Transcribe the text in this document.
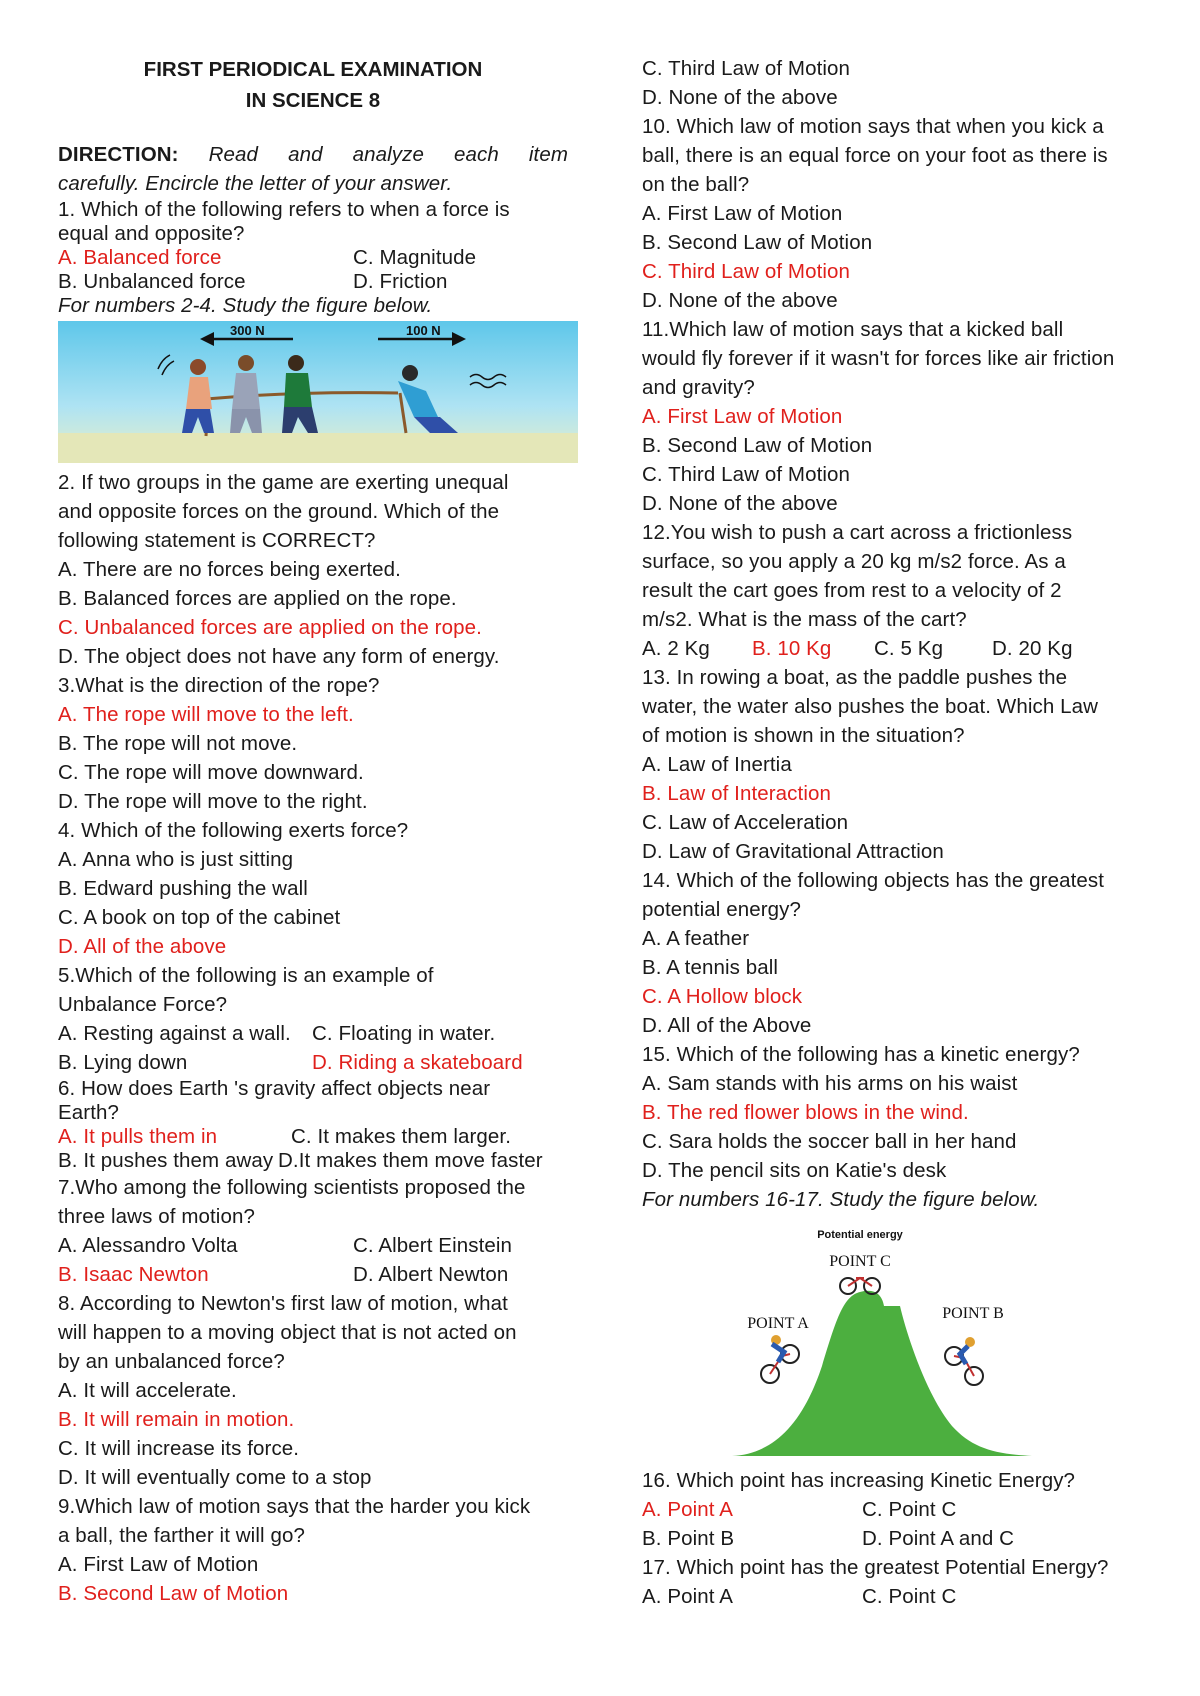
FIRST PERIODICAL EXAMINATION
IN SCIENCE 8
DIRECTION: Read and analyze each item
carefully. Encircle the letter of your answer.
1. Which of the following refers to when a force is
equal and opposite?
A. Balanced force	C. Magnitude
B. Unbalanced force	D. Friction
For numbers 2-4. Study the figure below.
300 N	100 N
2. If two groups in the game are exerting unequal
and opposite forces on the ground. Which of the
following statement is CORRECT?
A. There are no forces being exerted.
B. Balanced forces are applied on the rope.
C. Unbalanced forces are applied on the rope.
D. The object does not have any form of energy.
3.What is the direction of the rope?
A. The rope will move to the left.
B. The rope will not move.
C. The rope will move downward.
D. The rope will move to the right.
4. Which of the following exerts force?
A. Anna who is just sitting
B. Edward pushing the wall
C. A book on top of the cabinet
D. All of the above
5.Which of the following is an example of
Unbalance Force?
A. Resting against a wall.	C. Floating in water.
B. Lying down	D. Riding a skateboard
6. How does Earth 's gravity affect objects near
Earth?
A. It pulls them in	C. It makes them larger.
B. It pushes them away D.It makes them move faster
7.Who among the following scientists proposed the
three laws of motion?
A. Alessandro Volta	C. Albert Einstein
B. Isaac Newton	D. Albert Newton
8. According to Newton's first law of motion, what
will happen to a moving object that is not acted on
by an unbalanced force?
A. It will accelerate.
B. It will remain in motion.
C. It will increase its force.
D. It will eventually come to a stop
9.Which law of motion says that the harder you kick
a ball, the farther it will go?
A. First Law of Motion
B. Second Law of Motion
C. Third Law of Motion
D. None of the above
10. Which law of motion says that when you kick a
ball, there is an equal force on your foot as there is
on the ball?
A. First Law of Motion
B. Second Law of Motion
C. Third Law of Motion
D. None of the above
11.Which law of motion says that a kicked ball
would fly forever if it wasn't for forces like air friction
and gravity?
A. First Law of Motion
B. Second Law of Motion
C. Third Law of Motion
D. None of the above
12.You wish to push a cart across a frictionless
surface, so you apply a 20 kg m/s2 force. As a
result the cart goes from rest to a velocity of 2
m/s2. What is the mass of the cart?
A. 2 Kg B. 10 Kg C. 5 Kg D. 20 Kg
13. In rowing a boat, as the paddle pushes the
water, the water also pushes the boat. Which Law
of motion is shown in the situation?
A. Law of Inertia
B. Law of Interaction
C. Law of Acceleration
D. Law of Gravitational Attraction
14. Which of the following objects has the greatest
potential energy?
A. A feather
B. A tennis ball
C. A Hollow block
D. All of the Above
15. Which of the following has a kinetic energy?
A. Sam stands with his arms on his waist
B. The red flower blows in the wind.
C. Sara holds the soccer ball in her hand
D. The pencil sits on Katie's desk
For numbers 16-17. Study the figure below.
Potential energy
POINT C
POINT A
POINT B
16. Which point has increasing Kinetic Energy?
A. Point A	C. Point C
B. Point B	D. Point A and C
17. Which point has the greatest Potential Energy?
A. Point A	C. Point C
